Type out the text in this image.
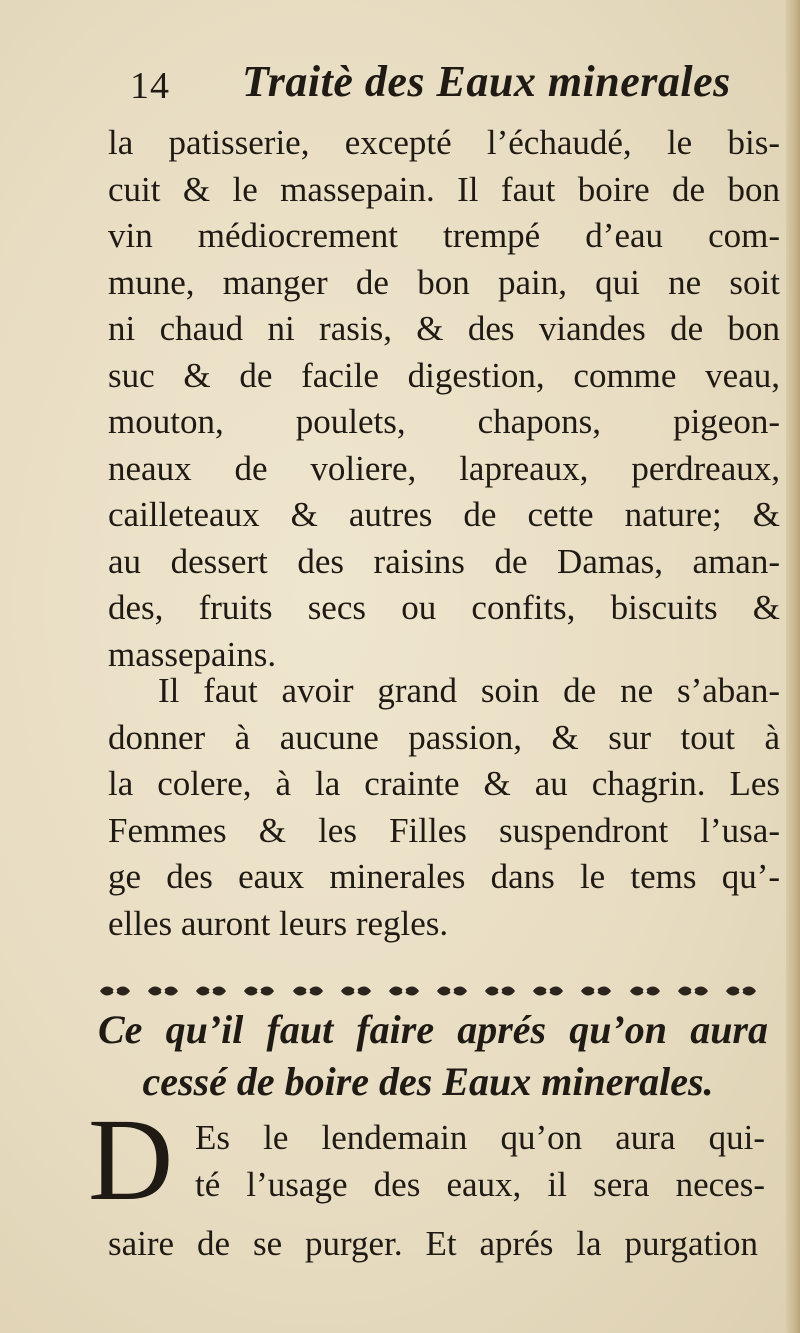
14 Traitè des Eaux minerales
la patisserie, excepté l’échaudé, le bis-
cuit & le massepain. Il faut boire de bon
vin médiocrement trempé d’eau com-
mune, manger de bon pain, qui ne soit
ni chaud ni rasis, & des viandes de bon
suc & de facile digestion, comme veau,
mouton, poulets, chapons, pigeon-
neaux de voliere, lapreaux, perdreaux,
cailleteaux & autres de cette nature; &
au dessert des raisins de Damas, aman-
des, fruits secs ou confits, biscuits &
massepains.
Il faut avoir grand soin de ne s’aban-
donner à aucune passion, & sur tout à
la colere, à la crainte & au chagrin. Les
Femmes & les Filles suspendront l’usa-
ge des eaux minerales dans le tems qu’-
elles auront leurs regles.
Ce qu’il faut faire aprés qu’on aura
cessé de boire des Eaux minerales.
D Es le lendemain qu’on aura qui-
té l’usage des eaux, il sera neces-
saire de se purger. Et aprés la purgation
